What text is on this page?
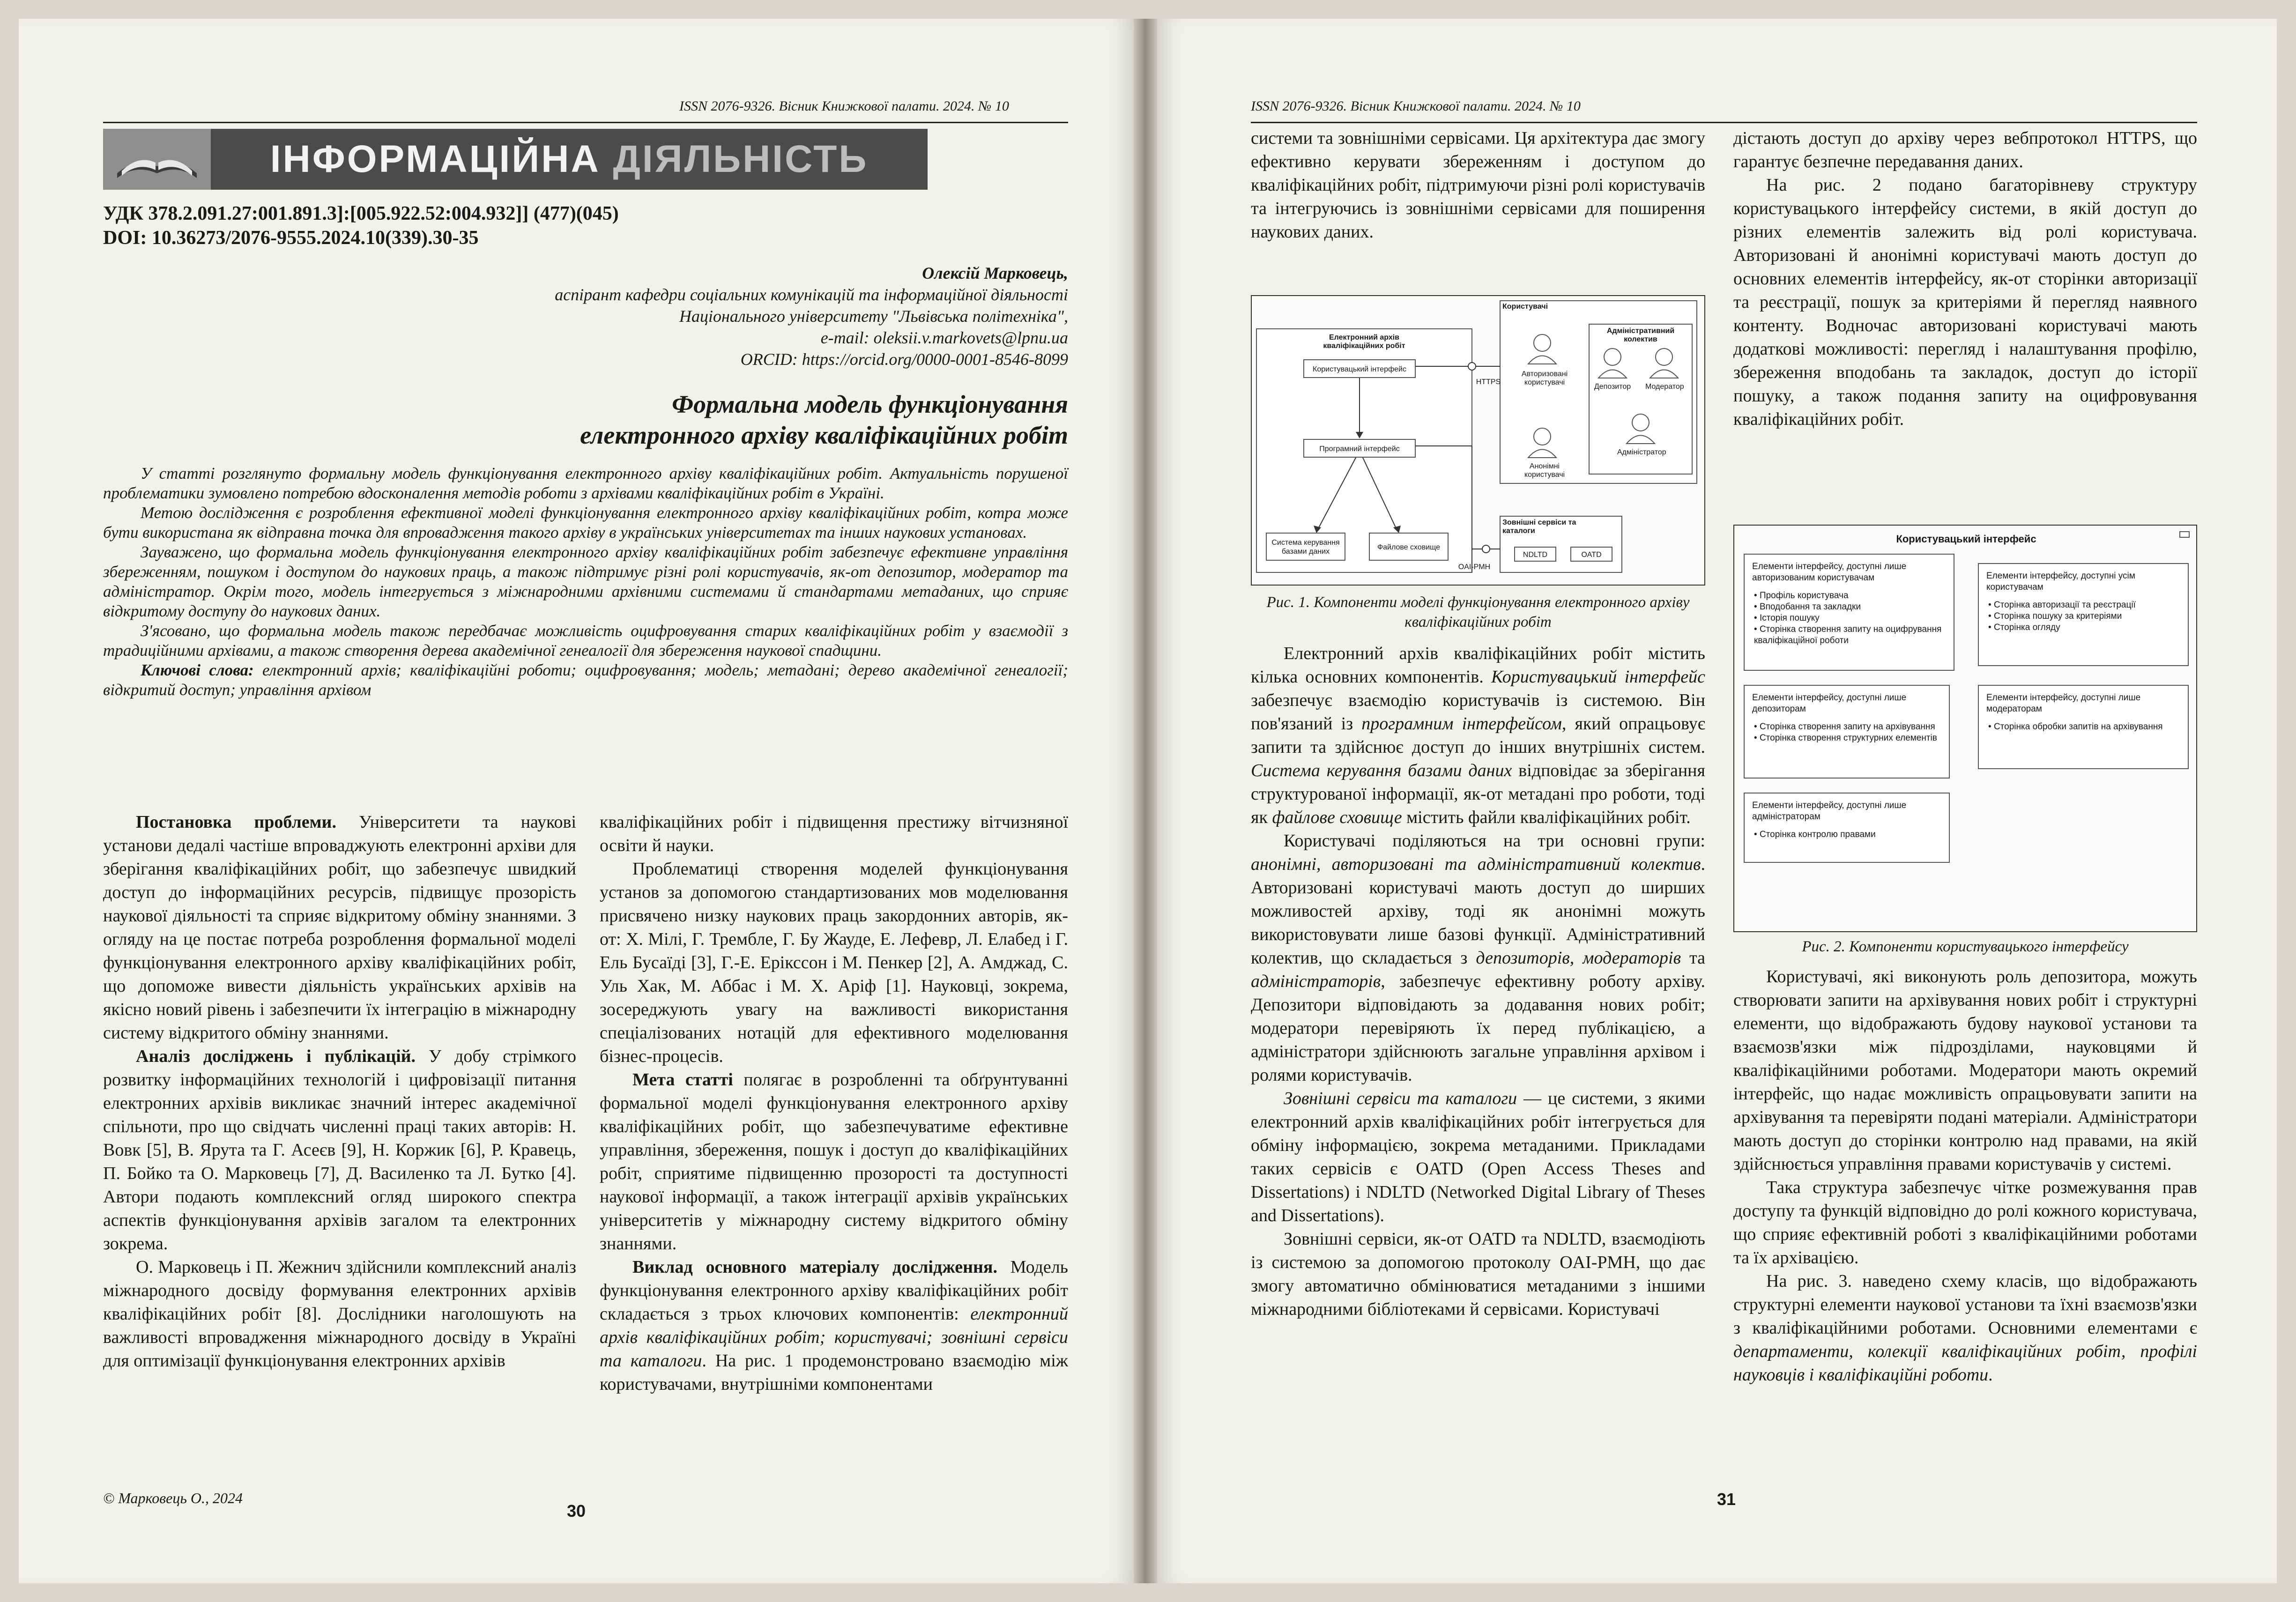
ISSN 2076-9326. Вісник Книжкової палати. 2024. № 10
ІНФОРМАЦІЙНА ДІЯЛЬНІСТЬ
УДК 378.2.091.27:001.891.3]:[005.922.52:004.932]] (477)(045)
DOI: 10.36273/2076-9555.2024.10(339).30-35
Олексій Марковець,
аспірант кафедри соціальних комунікацій та інформаційної діяльності
Національного університету "Львівська політехніка",
e-mail: oleksii.v.markovets@lpnu.ua
ORCID: https://orcid.org/0000-0001-8546-8099
Формальна модель функціонування
електронного архіву кваліфікаційних робіт

У статті розглянуто формальну модель функціонування електронного архіву кваліфікаційних робіт. Актуальність порушеної проблематики зумовлено потребою вдосконалення методів роботи з архівами кваліфікаційних робіт в Україні.

Метою дослідження є розроблення ефективної моделі функціонування електронного архіву кваліфікаційних робіт, котра може бути використана як відправна точка для впровадження такого архіву в українських університетах та інших наукових установах.

Зауважено, що формальна модель функціонування електронного архіву кваліфікаційних робіт забезпечує ефективне управління збереженням, пошуком і доступом до наукових праць, а також підтримує різні ролі користувачів, як-от депозитор, модератор та адміністратор. Окрім того, модель інтегрується з міжнародними архівними системами й стандартами метаданих, що сприяє відкритому доступу до наукових даних.

З'ясовано, що формальна модель також передбачає можливість оцифровування старих кваліфікаційних робіт у взаємодії з традиційними архівами, а також створення дерева академічної генеалогії для збереження наукової спадщини.

Ключові слова: електронний архів; кваліфікаційні роботи; оцифровування; модель; метадані; дерево академічної генеалогії; відкритий доступ; управління архівом

Постановка проблеми. Університети та наукові установи дедалі частіше впроваджують електронні архіви для зберігання кваліфікаційних робіт, що забезпечує швидкий доступ до інформаційних ресурсів, підвищує прозорість наукової діяльності та сприяє відкритому обміну знаннями. З огляду на це постає потреба розроблення формальної моделі функціонування електронного архіву кваліфікаційних робіт, що допоможе вивести діяльність українських архівів на якісно новий рівень і забезпечити їх інтеграцію в міжнародну систему відкритого обміну знаннями.

Аналіз досліджень і публікацій. У добу стрімкого розвитку інформаційних технологій і цифровізації питання електронних архівів викликає значний інтерес академічної спільноти, про що свідчать численні праці таких авторів: Н. Вовк [5], В. Ярута та Г. Асеєв [9], Н. Коржик [6], Р. Кравець, П. Бойко та О. Марковець [7], Д. Василенко та Л. Бутко [4]. Автори подають комплексний огляд широкого спектра аспектів функціонування архівів загалом та електронних зокрема.

О. Марковець і П. Жежнич здійснили комплексний аналіз міжнародного досвіду формування електронних архівів кваліфікаційних робіт [8]. Дослідники наголошують на важливості впровадження міжнародного досвіду в Україні для оптимізації функціонування електронних архівів

кваліфікаційних робіт і підвищення престижу вітчизняної освіти й науки.

Проблематиці створення моделей функціонування установ за допомогою стандартизованих мов моделювання присвячено низку наукових праць закордонних авторів, як-от: Х. Мілі, Г. Трембле, Г. Бу Жауде, Е. Лефевр, Л. Елабед і Г. Ель Бусаїді [3], Г.-Е. Ерікссон і М. Пенкер [2], А. Амджад, С. Уль Хак, М. Аббас і М. Х. Аріф [1]. Науковці, зокрема, зосереджують увагу на важливості використання спеціалізованих нотацій для ефективного моделювання бізнес-процесів.

Мета статті полягає в розробленні та обґрунтуванні формальної моделі функціонування електронного архіву кваліфікаційних робіт, що забезпечуватиме ефективне управління, збереження, пошук і доступ до кваліфікаційних робіт, сприятиме підвищенню прозорості та доступності наукової інформації, а також інтеграції архівів українських університетів у міжнародну систему відкритого обміну знаннями.

Виклад основного матеріалу дослідження. Модель функціонування електронного архіву кваліфікаційних робіт складається з трьох ключових компонентів: електронний архів кваліфікаційних робіт; користувачі; зовнішні сервіси та каталоги. На рис. 1 продемонстровано взаємодію між користувачами, внутрішніми компонентами

© Марковець О., 2024
30
ISSN 2076-9326. Вісник Книжкової палати. 2024. № 10

системи та зовнішніми сервісами. Ця архітектура дає змогу ефективно керувати збереженням і доступом до кваліфікаційних робіт, підтримуючи різні ролі користувачів та інтегруючись із зовнішніми сервісами для поширення наукових даних.

Електронний архів кваліфікаційних робіт
Користувацький інтерфейс
Програмний інтерфейс
Система керування базами даних
Файлове сховище
HTTPS
OAI-PMH
Користувачі
Авторизовані користувачі
Анонімні користувачі
Адміністративний колектив
Депозитор Модератор
Адміністратор
Зовнішні сервіси та каталоги
NDLTD	OATD
Рис. 1. Компоненти моделі функціонування електронного архіву кваліфікаційних робіт

Електронний архів кваліфікаційних робіт містить кілька основних компонентів. Користувацький інтерфейс забезпечує взаємодію користувачів із системою. Він пов'язаний із програмним інтерфейсом, який опрацьовує запити та здійснює доступ до інших внутрішніх систем. Система керування базами даних відповідає за зберігання структурованої інформації, як-от метадані про роботи, тоді як файлове сховище містить файли кваліфікаційних робіт.

Користувачі поділяються на три основні групи: анонімні, авторизовані та адміністративний колектив. Авторизовані користувачі мають доступ до ширших можливостей архіву, тоді як анонімні можуть використовувати лише базові функції. Адміністративний колектив, що складається з депозиторів, модераторів та адміністраторів, забезпечує ефективну роботу архіву. Депозитори відповідають за додавання нових робіт; модератори перевіряють їх перед публікацією, а адміністратори здійснюють загальне управління архівом і ролями користувачів.

Зовнішні сервіси та каталоги — це системи, з якими електронний архів кваліфікаційних робіт інтегрується для обміну інформацією, зокрема метаданими. Прикладами таких сервісів є OATD (Open Access Theses and Dissertations) і NDLTD (Networked Digital Library of Theses and Dissertations).

Зовнішні сервіси, як-от OATD та NDLTD, взаємодіють із системою за допомогою протоколу OAI-PMH, що дає змогу автоматично обмінюватися метаданими з іншими міжнародними бібліотеками й сервісами. Користувачі

дістають доступ до архіву через вебпротокол HTTPS, що гарантує безпечне передавання даних.

На рис. 2 подано багаторівневу структуру користувацького інтерфейсу системи, в якій доступ до різних елементів залежить від ролі користувача. Авторизовані й анонімні користувачі мають доступ до основних елементів інтерфейсу, як-от сторінки авторизації та реєстрації, пошук за критеріями й перегляд наявного контенту. Водночас авторизовані користувачі мають додаткові можливості: перегляд і налаштування профілю, збереження вподобань та закладок, доступ до історії пошуку, а також подання запиту на оцифровування кваліфікаційних робіт.

Користувацький інтерфейс
Елементи інтерфейсу, доступні лише авторизованим користувачам
• Профіль користувача
• Вподобання та закладки
• Історія пошуку
• Сторінка створення запиту на оцифрування кваліфікаційної роботи
Елементи інтерфейсу, доступні усім користувачам
• Сторінка авторизації та реєстрації
• Сторінка пошуку за критеріями
• Сторінка огляду
Елементи інтерфейсу, доступні лише депозиторам
• Сторінка створення запиту на архівування
• Сторінка створення структурних елементів
Елементи інтерфейсу, доступні лише модераторам
• Сторінка обробки запитів на архівування
Елементи інтерфейсу, доступні лише адміністраторам
• Сторінка контролю правами
Рис. 2. Компоненти користувацького інтерфейсу

Користувачі, які виконують роль депозитора, можуть створювати запити на архівування нових робіт і структурні елементи, що відображають будову наукової установи та взаємозв'язки між підрозділами, науковцями й кваліфікаційними роботами. Модератори мають окремий інтерфейс, що надає можливість опрацьовувати запити на архівування та перевіряти подані матеріали. Адміністратори мають доступ до сторінки контролю над правами, на якій здійснюється управління правами користувачів у системі.

Така структура забезпечує чітке розмежування прав доступу та функцій відповідно до ролі кожного користувача, що сприяє ефективній роботі з кваліфікаційними роботами та їх архівацією.

На рис. 3. наведено схему класів, що відображають структурні елементи наукової установи та їхні взаємозв'язки з кваліфікаційними роботами. Основними елементами є департаменти, колекції кваліфікаційних робіт, профілі науковців і кваліфікаційні роботи.

31
